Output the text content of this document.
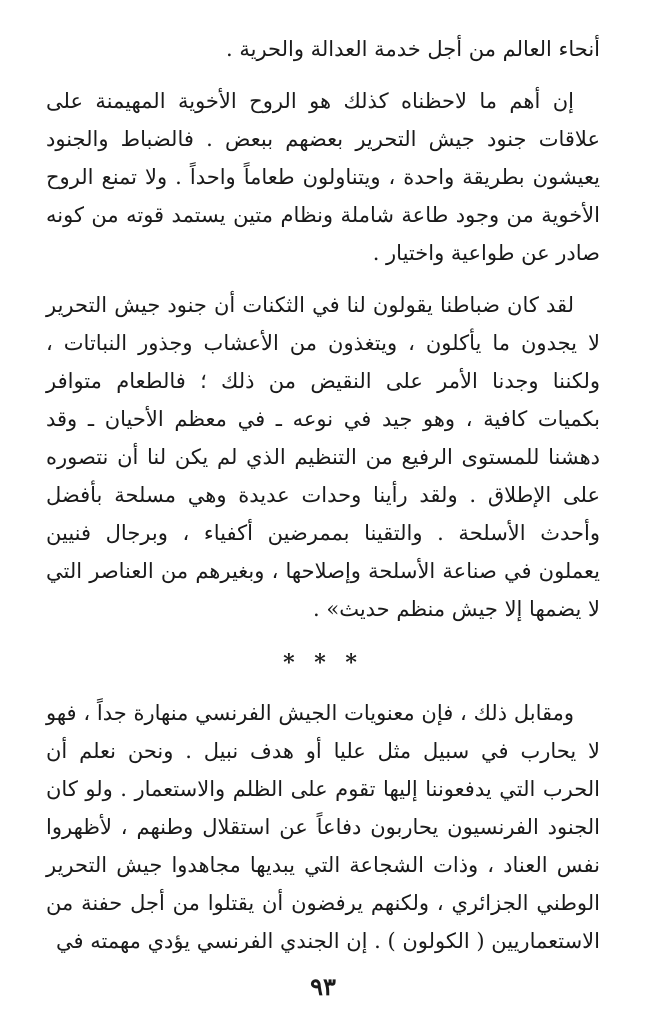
أنحاء العالم من أجل خدمة العدالة والحرية .

إن أهم ما لاحظناه كذلك هو الروح الأخوية المهيمنة على علاقات جنود جيش التحرير بعضهم ببعض . فالضباط والجنود يعيشون بطريقة واحدة ، ويتناولون طعاماً واحداً . ولا تمنع الروح الأخوية من وجود طاعة شاملة ونظام متين يستمد قوته من كونه صادر عن طواعية واختيار .

لقد كان ضباطنا يقولون لنا في الثكنات أن جنود جيش التحرير لا يجدون ما يأكلون ، ويتغذون من الأعشاب وجذور النباتات ، ولكننا وجدنا الأمر على النقيض من ذلك ؛ فالطعام متوافر بكميات كافية ، وهو جيد في نوعه ـ في معظم الأحيان ـ وقد دهشنا للمستوى الرفيع من التنظيم الذي لم يكن لنا أن نتصوره على الإطلاق . ولقد رأينا وحدات عديدة وهي مسلحة بأفضل وأحدث الأسلحة . والتقينا بممرضين أكفياء ، وبرجال فنيين يعملون في صناعة الأسلحة وإصلاحها ، وبغيرهم من العناصر التي لا يضمها إلا جيش منظم حديث» .

* * *

ومقابل ذلك ، فإن معنويات الجيش الفرنسي منهارة جداً ، فهو لا يحارب في سبيل مثل عليا أو هدف نبيل . ونحن نعلم أن الحرب التي يدفعوننا إليها تقوم على الظلم والاستعمار . ولو كان الجنود الفرنسيون يحاربون دفاعاً عن استقلال وطنهم ، لأظهروا نفس العناد ، وذات الشجاعة التي يبديها مجاهدوا جيش التحرير الوطني الجزائري ، ولكنهم يرفضون أن يقتلوا من أجل حفنة من الاستعماريين ( الكولون ) . إن الجندي الفرنسي يؤدي مهمته في

٩٣
